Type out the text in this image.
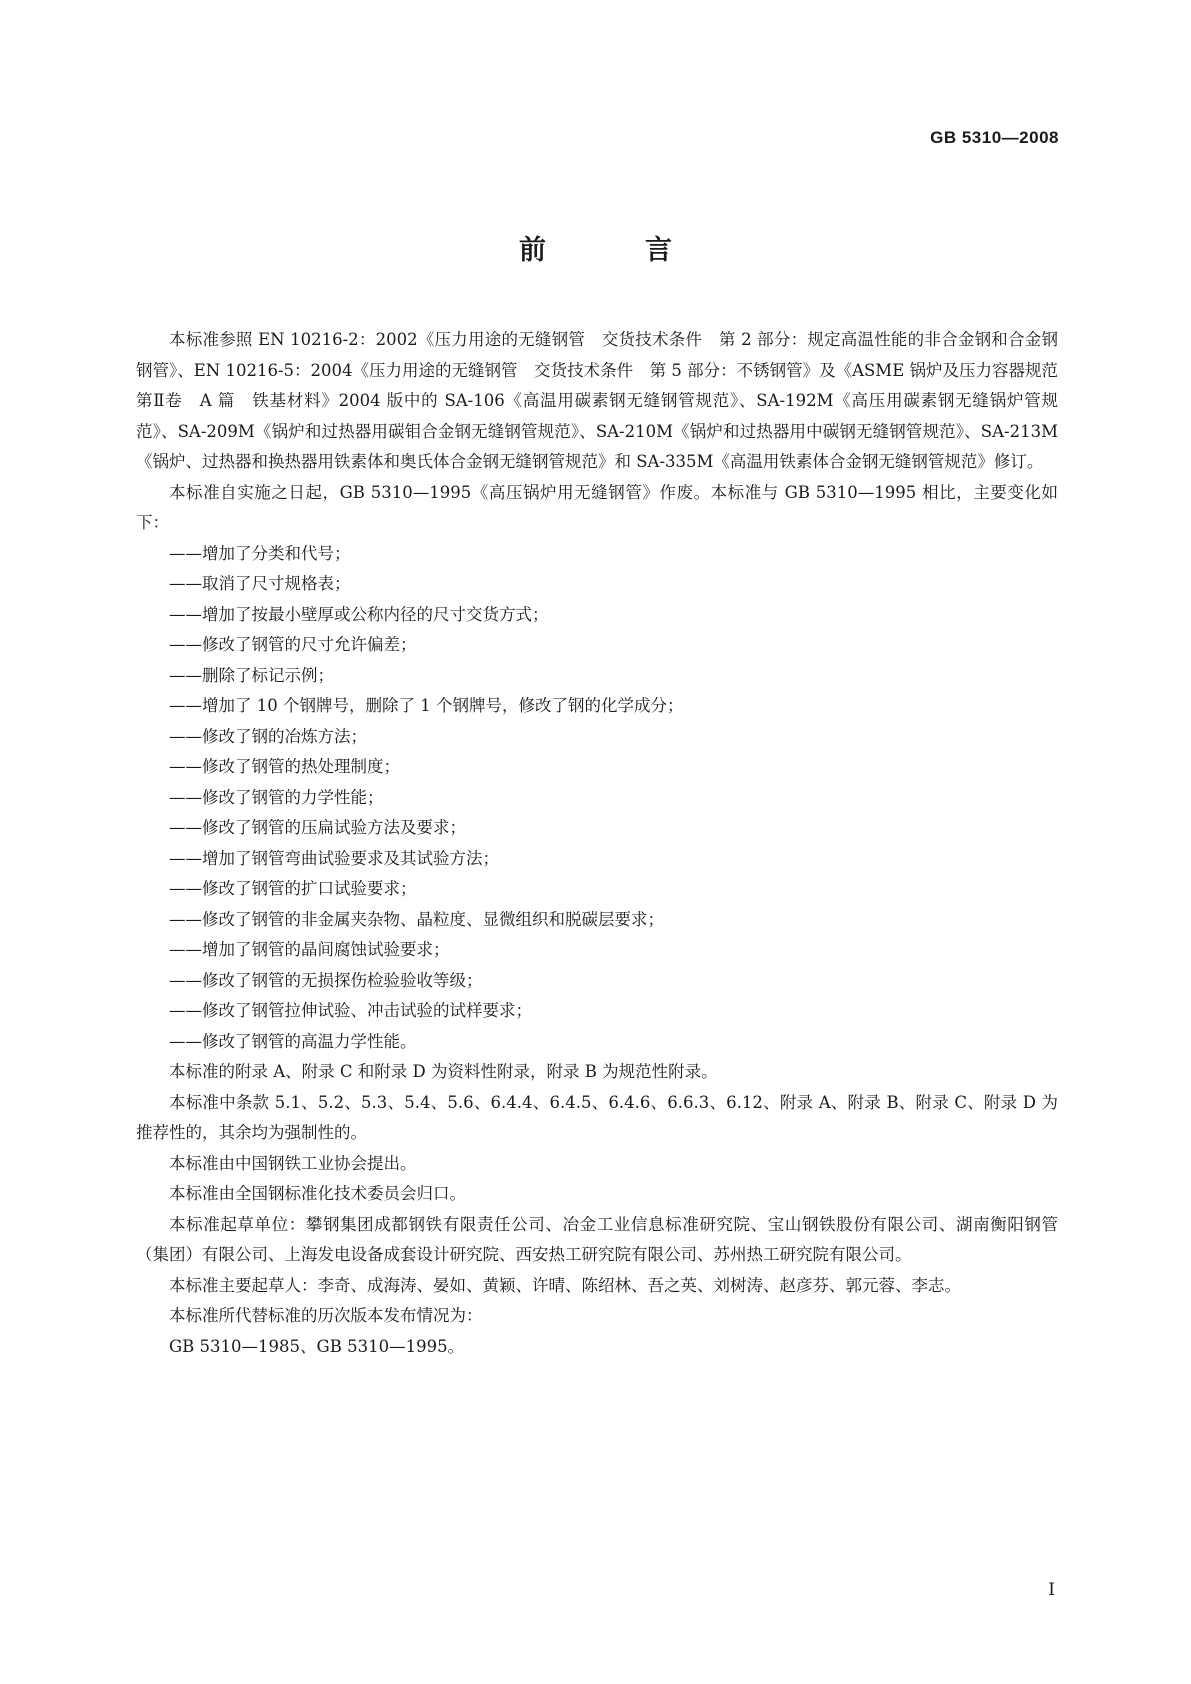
GB 5310—2008
前　言

本标准参照 EN 10216-2：2002《压力用途的无缝钢管　交货技术条件　第 2 部分：规定高温性能的非合金钢和合金钢钢管》、EN 10216-5：2004《压力用途的无缝钢管　交货技术条件　第 5 部分：不锈钢管》及《ASME 锅炉及压力容器规范　第Ⅱ卷　A 篇　铁基材料》2004 版中的 SA-106《高温用碳素钢无缝钢管规范》、SA-192M《高压用碳素钢无缝锅炉管规范》、SA-209M《锅炉和过热器用碳钼合金钢无缝钢管规范》、SA-210M《锅炉和过热器用中碳钢无缝钢管规范》、SA-213M《锅炉、过热器和换热器用铁素体和奥氏体合金钢无缝钢管规范》和 SA-335M《高温用铁素体合金钢无缝钢管规范》修订。

本标准自实施之日起，GB 5310—1995《高压锅炉用无缝钢管》作废。本标准与 GB 5310—1995 相比，主要变化如下：

——增加了分类和代号；

——取消了尺寸规格表；

——增加了按最小壁厚或公称内径的尺寸交货方式；

——修改了钢管的尺寸允许偏差；

——删除了标记示例；

——增加了 10 个钢牌号，删除了 1 个钢牌号，修改了钢的化学成分；

——修改了钢的冶炼方法；

——修改了钢管的热处理制度；

——修改了钢管的力学性能；

——修改了钢管的压扁试验方法及要求；

——增加了钢管弯曲试验要求及其试验方法；

——修改了钢管的扩口试验要求；

——修改了钢管的非金属夹杂物、晶粒度、显微组织和脱碳层要求；

——增加了钢管的晶间腐蚀试验要求；

——修改了钢管的无损探伤检验验收等级；

——修改了钢管拉伸试验、冲击试验的试样要求；

——修改了钢管的高温力学性能。

本标准的附录 A、附录 C 和附录 D 为资料性附录，附录 B 为规范性附录。

本标准中条款 5.1、5.2、5.3、5.4、5.6、6.4.4、6.4.5、6.4.6、6.6.3、6.12、附录 A、附录 B、附录 C、附录 D 为推荐性的，其余均为强制性的。

本标准由中国钢铁工业协会提出。

本标准由全国钢标准化技术委员会归口。

本标准起草单位：攀钢集团成都钢铁有限责任公司、冶金工业信息标准研究院、宝山钢铁股份有限公司、湖南衡阳钢管（集团）有限公司、上海发电设备成套设计研究院、西安热工研究院有限公司、苏州热工研究院有限公司。

本标准主要起草人：李奇、成海涛、晏如、黄颖、许晴、陈绍林、吾之英、刘树涛、赵彦芬、郭元蓉、李志。

本标准所代替标准的历次版本发布情况为：

GB 5310—1985、GB 5310—1995。

I
